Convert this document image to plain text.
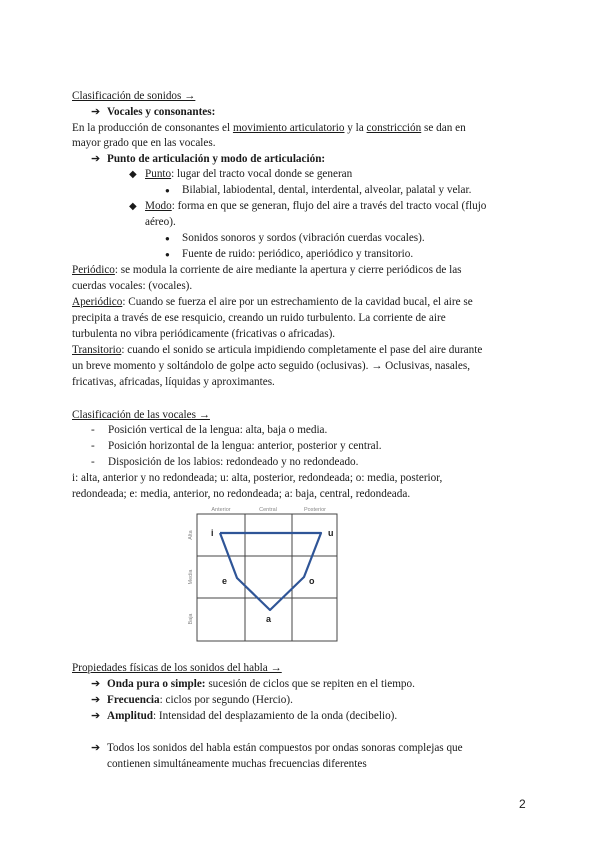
Clasificación de sonidos →
➔ Vocales y consonantes:
En la producción de consonantes el movimiento articulatorio y la constricción se dan en
mayor grado que en las vocales.
➔ Punto de articulación y modo de articulación:
◆ Punto: lugar del tracto vocal donde se generan
● Bilabial, labiodental, dental, interdental, alveolar, palatal y velar.
◆ Modo: forma en que se generan, flujo del aire a través del tracto vocal (flujo
aéreo).
● Sonidos sonoros y sordos (vibración cuerdas vocales).
● Fuente de ruido: periódico, aperiódico y transitorio.
Periódico: se modula la corriente de aire mediante la apertura y cierre periódicos de las
cuerdas vocales: (vocales).
Aperiódico: Cuando se fuerza el aire por un estrechamiento de la cavidad bucal, el aire se
precipita a través de ese resquicio, creando un ruido turbulento. La corriente de aire
turbulenta no vibra periódicamente (fricativas o africadas).
Transitorio: cuando el sonido se articula impidiendo completamente el pase del aire durante
un breve momento y soltándolo de golpe acto seguido (oclusivas). → Oclusivas, nasales,
fricativas, africadas, líquidas y aproximantes.
Clasificación de las vocales →
- Posición vertical de la lengua: alta, baja o media.
- Posición horizontal de la lengua: anterior, posterior y central.
- Disposición de los labios: redondeado y no redondeado.
i: alta, anterior y no redondeada; u: alta, posterior, redondeada; o: media, posterior,
redondeada; e: media, anterior, no redondeada; a: baja, central, redondeada.
Anterior	Central	Posterior
Alta
Media
Baja
i	u
e	o
a
Propiedades físicas de los sonidos del habla →
➔ Onda pura o simple: sucesión de ciclos que se repiten en el tiempo.
➔ Frecuencia: ciclos por segundo (Hercio).
➔ Amplitud: Intensidad del desplazamiento de la onda (decibelio).
➔ Todos los sonidos del habla están compuestos por ondas sonoras complejas que
contienen simultáneamente muchas frecuencias diferentes
2
